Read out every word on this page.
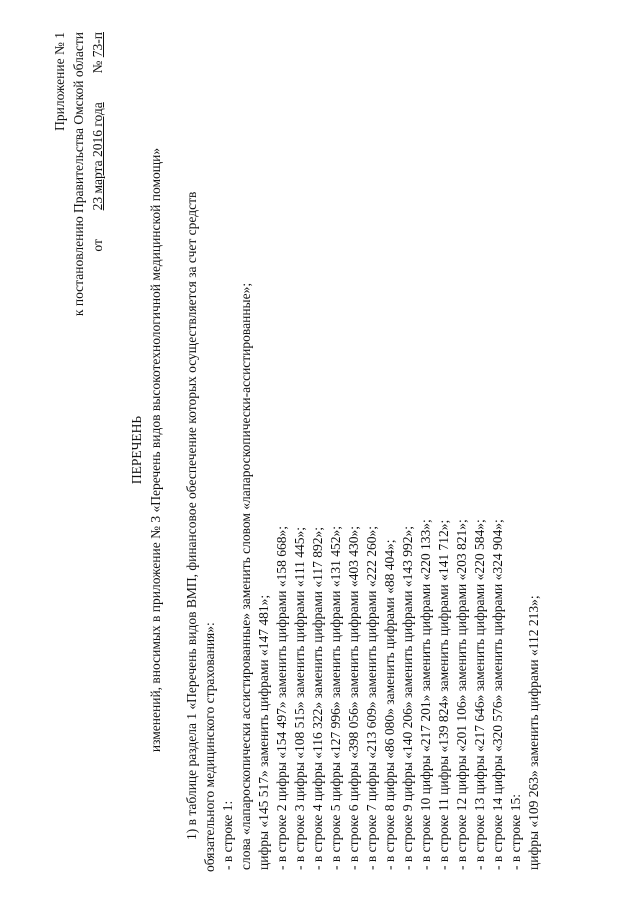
Приложение № 1 к постановлению Правительства Омской области от  23 марта 2016 года  № 73-п
ПЕРЕЧЕНЬ изменений, вносимых в приложение № 3 «Перечень видов высокотехнологичной медицинской помощи» 1) в таблице раздела 1 «Перечень видов ВМП, финансовое обеспечение которых осуществляется за счет средств обязательного медицинского страхования»: - в строке 1: слова «лапароскопически ассистированные» заменить словом «лапароскопически-ассистированные»; цифры «145 517» заменить цифрами «147 481»; - в строке 2 цифры «154 497» заменить цифрами «158 668»; - в строке 3 цифры «108 515» заменить цифрами «111 445»; - в строке 4 цифры «116 322» заменить цифрами «117 892»; - в строке 5 цифры «127 996» заменить цифрами «131 452»; - в строке 6 цифры «398 056» заменить цифрами «403 430»; - в строке 7 цифры «213 609» заменить цифрами «222 260»; - в строке 8 цифры «86 080» заменить цифрами «88 404»; - в строке 9 цифры «140 206» заменить цифрами «143 992»; - в строке 10 цифры «217 201» заменить цифрами «220 133»; - в строке 11 цифры «139 824» заменить цифрами «141 712»; - в строке 12 цифры «201 106» заменить цифрами «203 821»; - в строке 13 цифры «217 646» заменить цифрами «220 584»; - в строке 14 цифры «320 576» заменить цифрами «324 904»; - в строке 15: цифры «109 263» заменить цифрами «112 213»;
